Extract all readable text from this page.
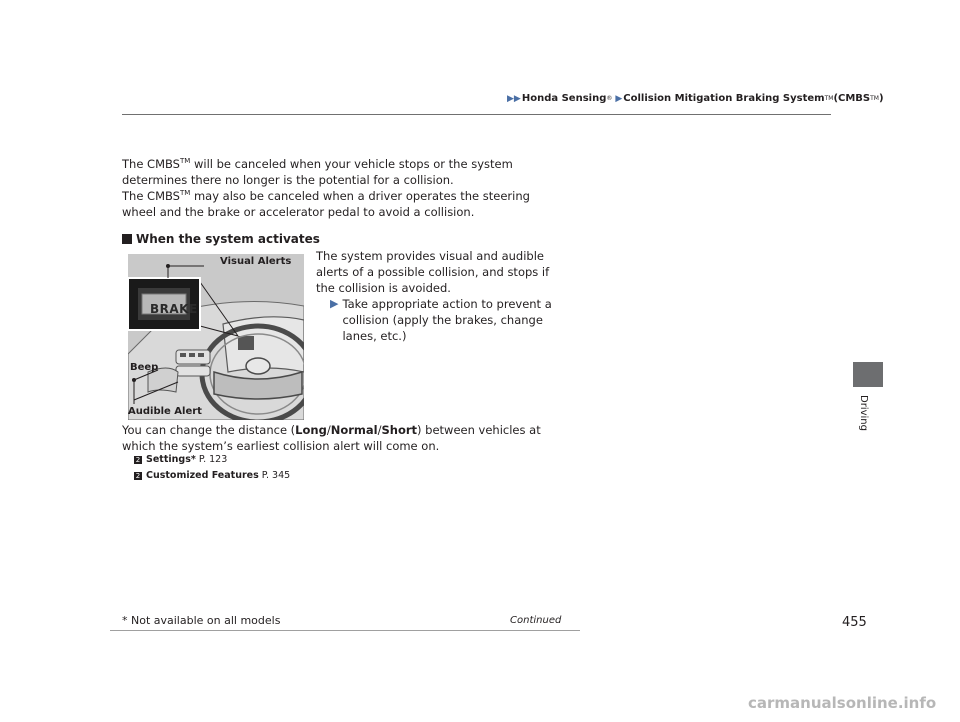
▶▶ Honda Sensing ® ▶ Collision Mitigation Braking System TM (CMBS TM )
The CMBS™ will be canceled when your vehicle stops or the system determines there no longer is the potential for a collision.
The CMBS™ may also be canceled when a driver operates the steering wheel and the brake or accelerator pedal to avoid a collision.
When the system activates
The system provides visual and audible alerts of a possible collision, and stops if the collision is avoided.
▶ Take appropriate action to prevent a collision (apply the brakes, change lanes, etc.)
BRAKE
Visual Alerts
Beep
Audible Alert
You can change the distance (Long/Normal/Short) between vehicles at which the system’s earliest collision alert will come on.
2 Settings* P. 123
2 Customized Features P. 345
Driving
* Not available on all models	Continued	455
carmanualsonline.info
